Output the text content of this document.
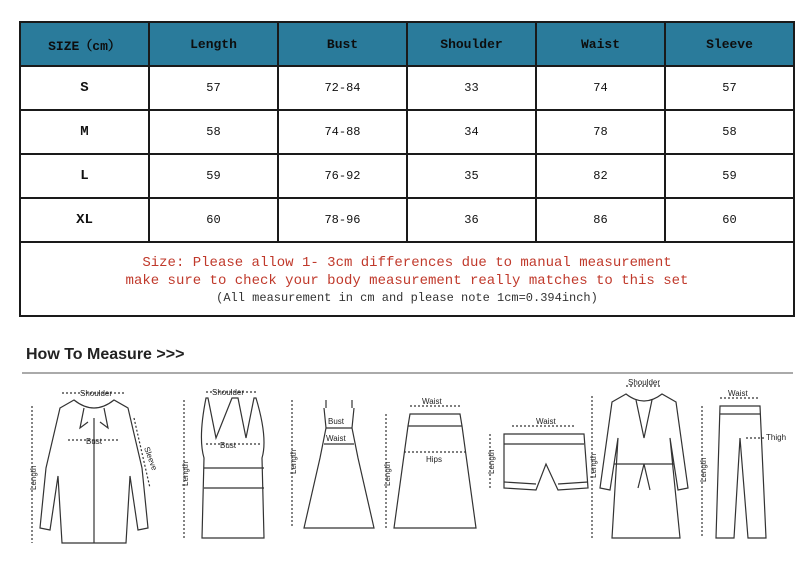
SIZE（cm）	Length	Bust	Shoulder	Waist	Sleeve
S	57	72-84	33	74	57
M	58	74-88	34	78	58
L	59	76-92	35	82	59
XL	60	78-96	36	86	60

Size: Please allow 1- 3cm differences due to manual measurement
make sure to check your body measurement really matches to this set
(All measurement in cm and please note 1cm=0.394inch)					
How To Measure >>>
Shoulder
Bust
Sleeve
Length
Shoulder
Bust
Length
Bust
Waist
Length
Waist
Hips
Length
Waist
Length
Shoulder
Length
Waist
Thigh
Length
